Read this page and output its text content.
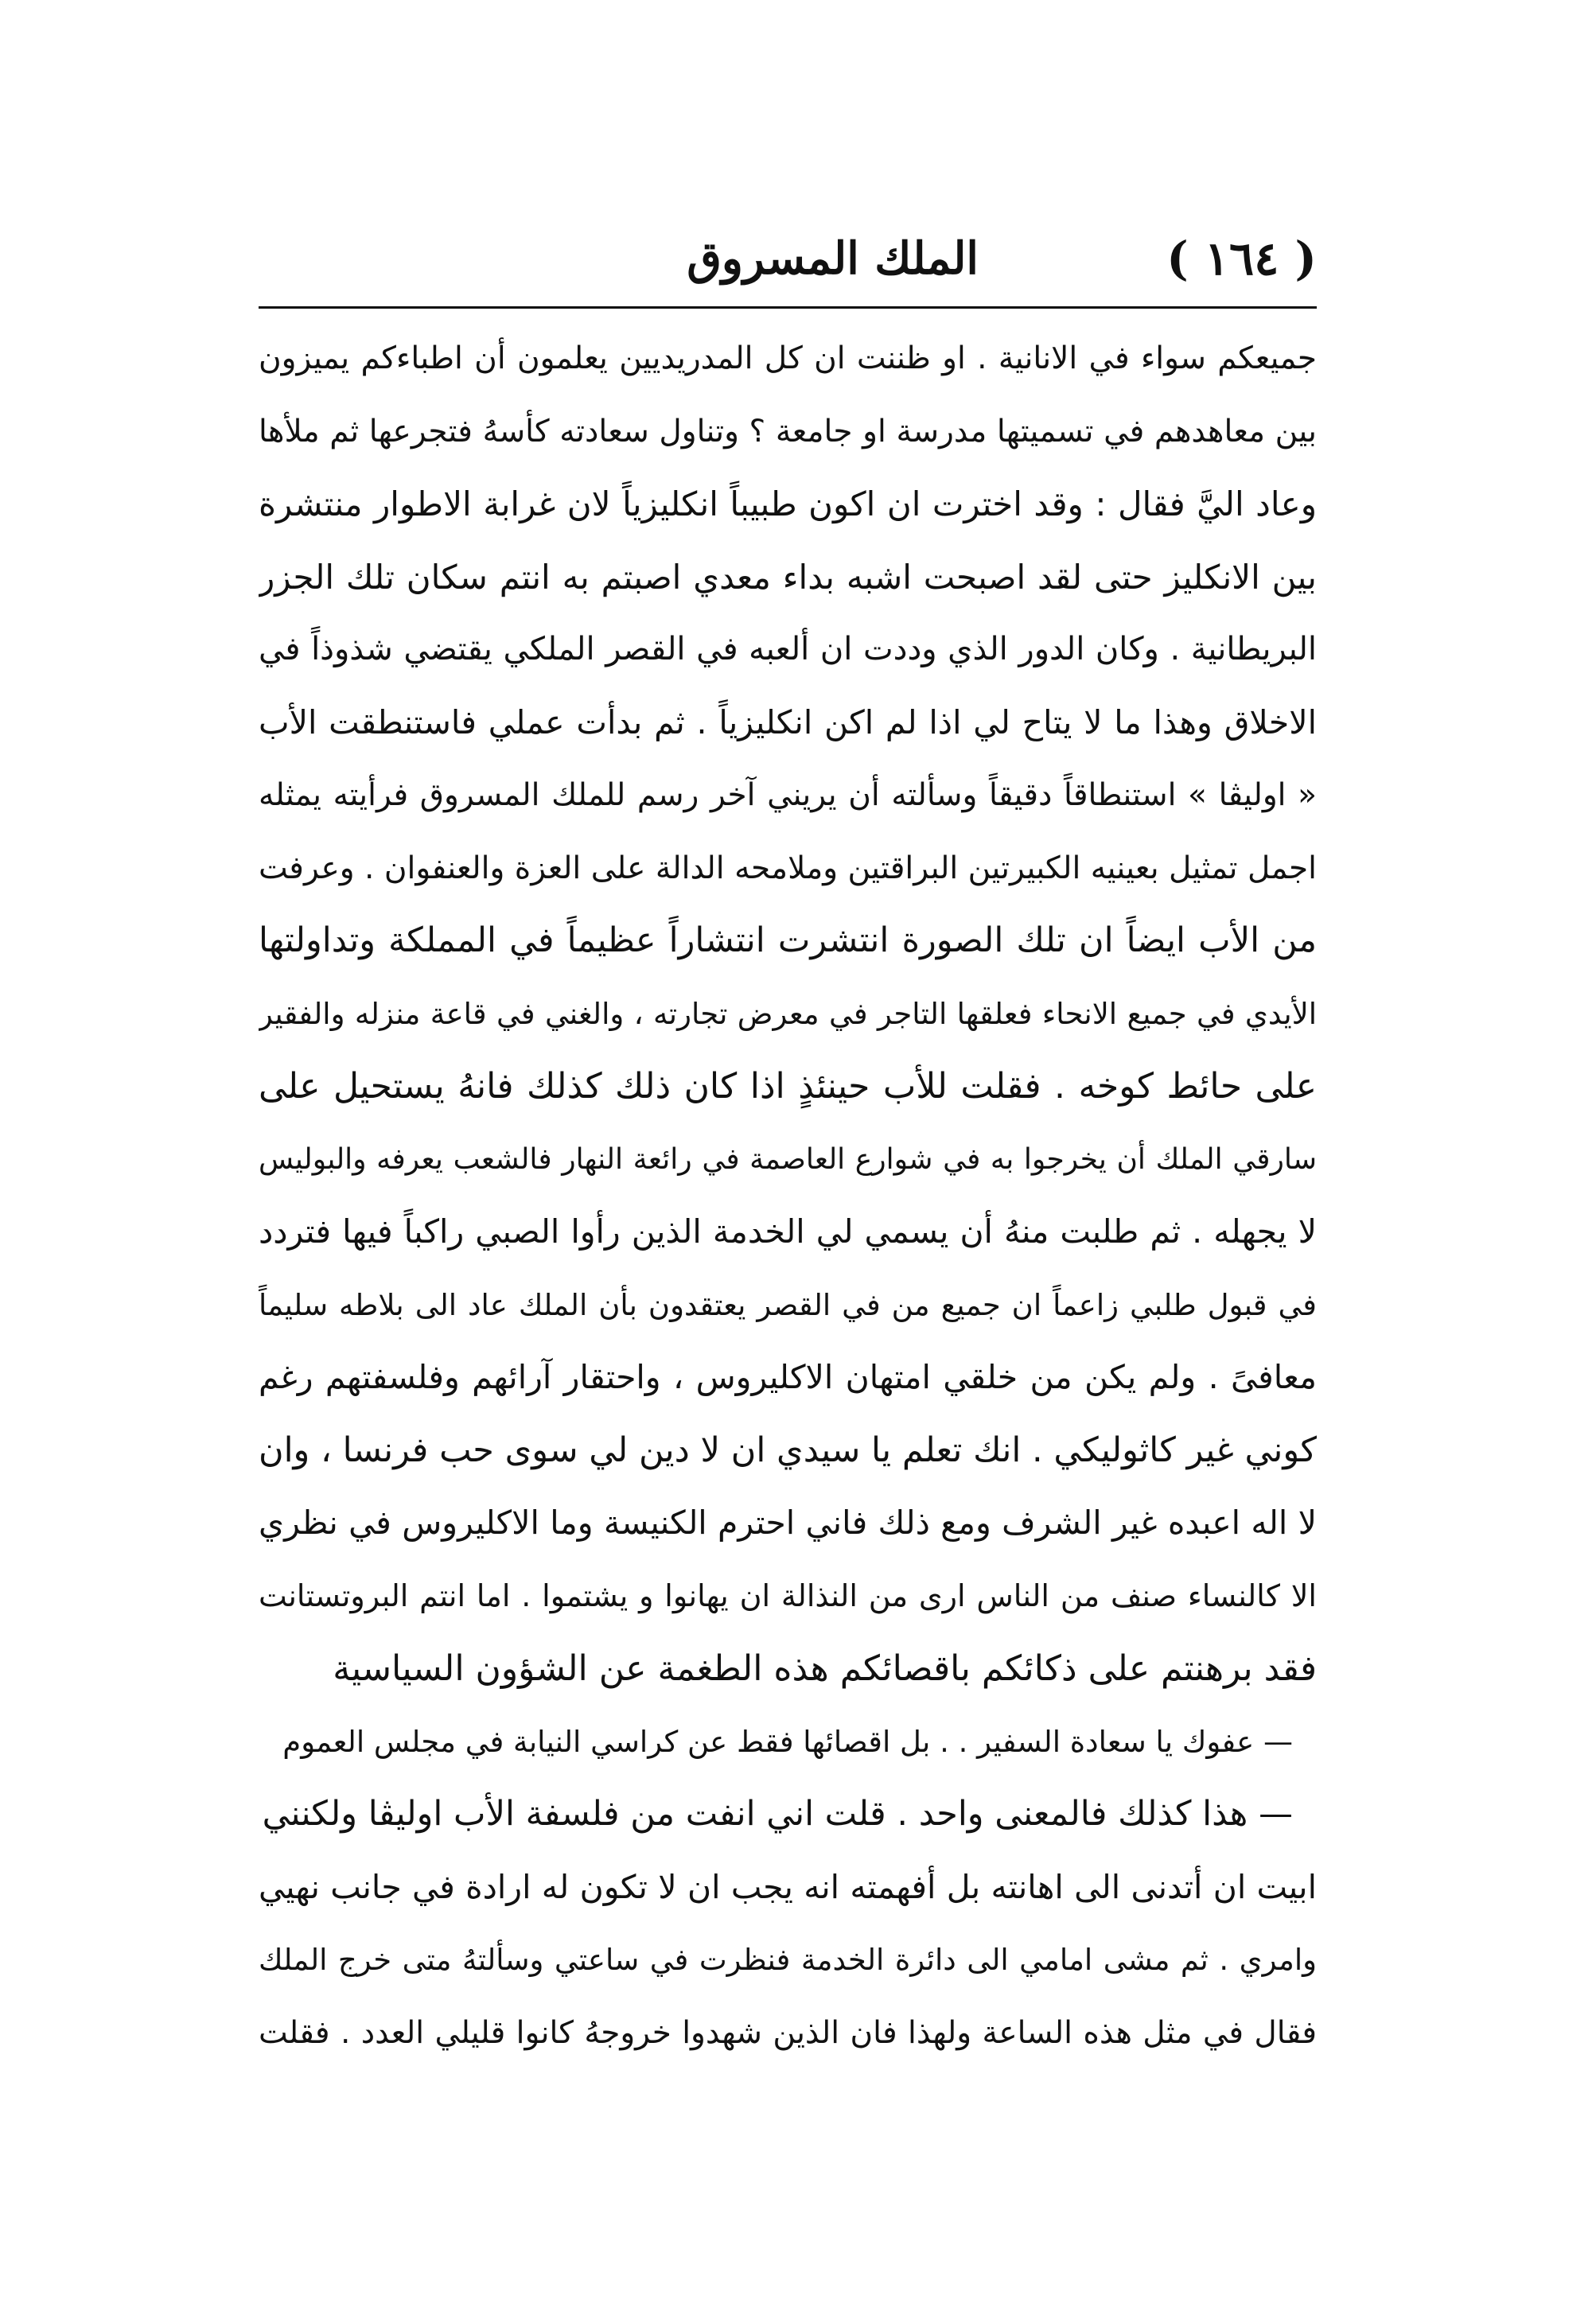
( ١٦٤ )
الملك المسروق
جميعكم سواء في الانانية . او ظننت ان كل المدريديين يعلمون أن اطباءكم يميزون
بين معاهدهم في تسميتها مدرسة او جامعة ؟ وتناول سعادته كأسهُ فتجرعها ثم ملأها
وعاد اليَّ فقال : وقد اخترت ان اكون طبيباً انكليزياً لان غرابة الاطوار منتشرة
بين الانكليز حتى لقد اصبحت اشبه بداء معدي اصبتم به انتم سكان تلك الجزر
البريطانية . وكان الدور الذي وددت ان ألعبه في القصر الملكي يقتضي شذوذاً في
الاخلاق وهذا ما لا يتاح لي اذا لم اكن انكليزياً . ثم بدأت عملي فاستنطقت الأب
« اوليڤا » استنطاقاً دقيقاً وسألته أن يريني آخر رسم للملك المسروق فرأيته يمثله
اجمل تمثيل بعينيه الكبيرتين البراقتين وملامحه الدالة على العزة والعنفوان . وعرفت
من الأب ايضاً ان تلك الصورة انتشرت انتشاراً عظيماً في المملكة وتداولتها
الأيدي في جميع الانحاء فعلقها التاجر في معرض تجارته ، والغني في قاعة منزله والفقير
على حائط كوخه . فقلت للأب حينئذٍ اذا كان ذلك كذلك فانهُ يستحيل على
سارقي الملك أن يخرجوا به في شوارع العاصمة في رائعة النهار فالشعب يعرفه والبوليس
لا يجهله . ثم طلبت منهُ أن يسمي لي الخدمة الذين رأوا الصبي راكباً فيها فتردد
في قبول طلبي زاعماً ان جميع من في القصر يعتقدون بأن الملك عاد الى بلاطه سليماً
معافىً . ولم يكن من خلقي امتهان الاكليروس ، واحتقار آرائهم وفلسفتهم رغم
كوني غير كاثوليكي . انك تعلم يا سيدي ان لا دين لي سوى حب فرنسا ، وان
لا اله اعبده غير الشرف ومع ذلك فاني احترم الكنيسة وما الاكليروس في نظري
الا كالنساء صنف من الناس ارى من النذالة ان يهانوا و يشتموا . اما انتم البروتستانت
فقد برهنتم على ذكائكم باقصائكم هذه الطغمة عن الشؤون السياسية
— عفوك يا سعادة السفير . . بل اقصائها فقط عن كراسي النيابة في مجلس العموم
— هذا كذلك فالمعنى واحد . قلت اني انفت من فلسفة الأب اوليڤا ولكنني
ابيت ان أتدنى الى اهانته بل أفهمته انه يجب ان لا تكون له ارادة في جانب نهيي
وامري . ثم مشى امامي الى دائرة الخدمة فنظرت في ساعتي وسألتهُ متى خرج الملك
فقال في مثل هذه الساعة ولهذا فان الذين شهدوا خروجهُ كانوا قليلي العدد . فقلت
